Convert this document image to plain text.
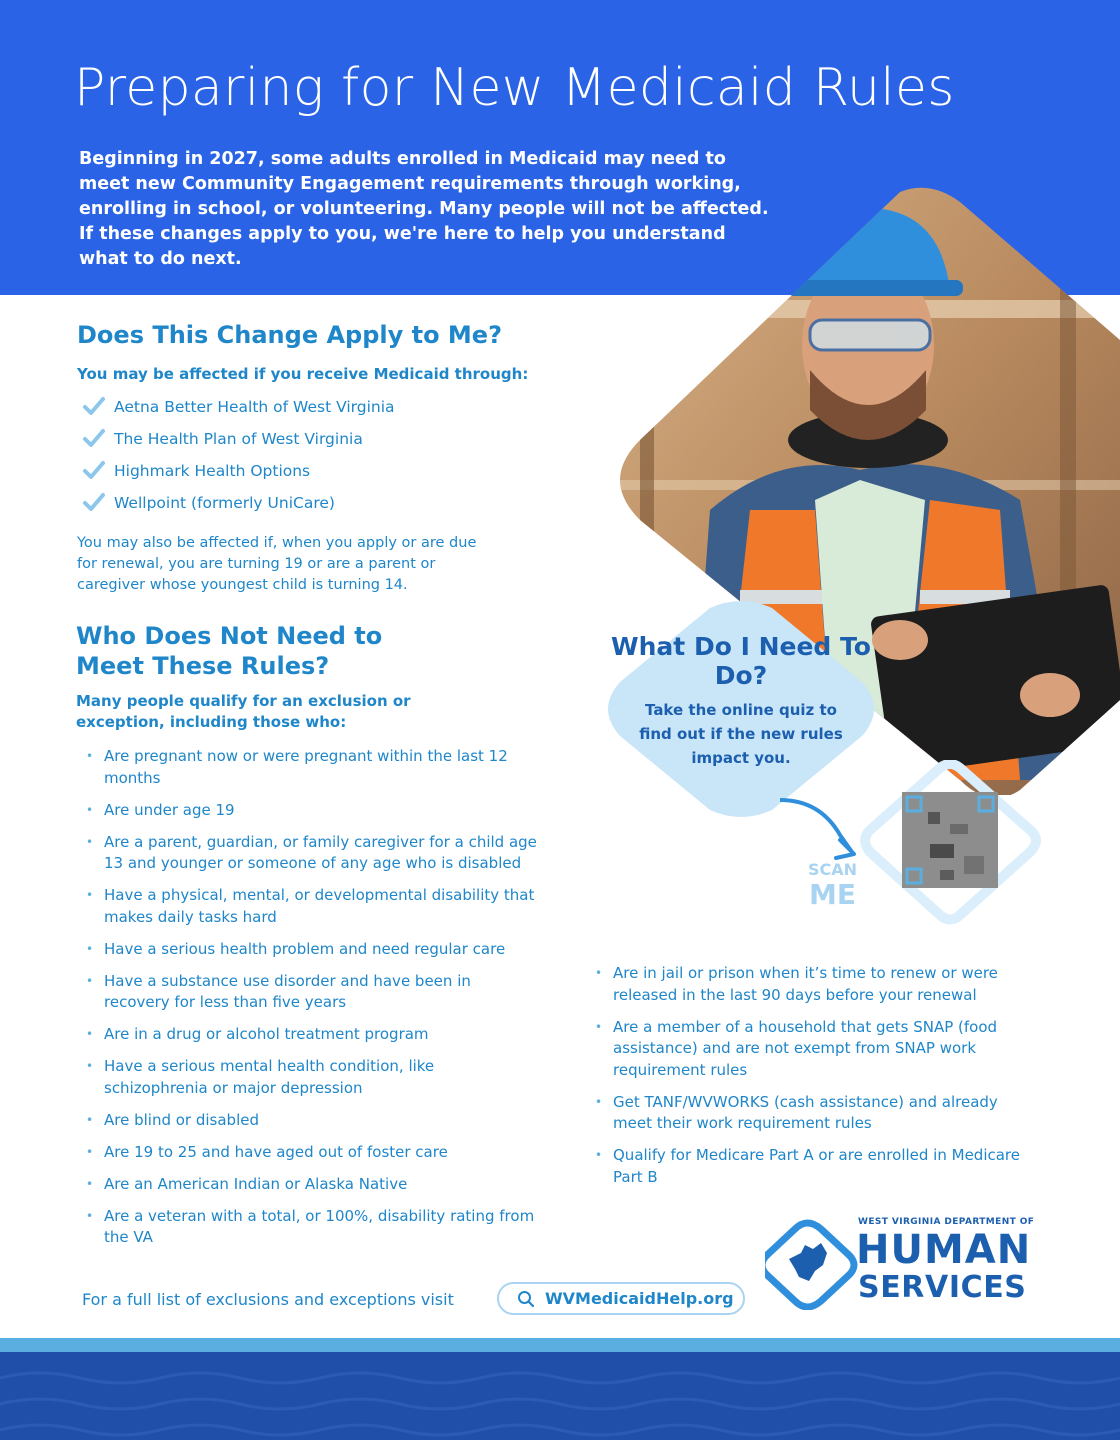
Preparing for New Medicaid Rules

Beginning in 2027, some adults enrolled in Medicaid may need to meet new Community Engagement requirements through working, enrolling in school, or volunteering. Many people will not be affected. If these changes apply to you, we're here to help you understand what to do next.

Does This Change Apply to Me?

You may be affected if you receive Medicaid through:

Aetna Better Health of West Virginia
The Health Plan of West Virginia
Highmark Health Options
Wellpoint (formerly UniCare)

You may also be affected if, when you apply or are due for renewal, you are turning 19 or are a parent or caregiver whose youngest child is turning 14.

Who Does Not Need to Meet These Rules?

Many people qualify for an exclusion or exception, including those who:

• Are pregnant now or were pregnant within the last 12 months
• Are under age 19
• Are a parent, guardian, or family caregiver for a child age 13 and younger or someone of any age who is disabled
• Have a physical, mental, or developmental disability that makes daily tasks hard
• Have a serious health problem and need regular care
• Have a substance use disorder and have been in recovery for less than five years
• Are in a drug or alcohol treatment program
• Have a serious mental health condition, like schizophrenia or major depression
• Are blind or disabled
• Are 19 to 25 and have aged out of foster care
• Are an American Indian or Alaska Native
• Are a veteran with a total, or 100%, disability rating from the VA
• Are in jail or prison when it’s time to renew or were released in the last 90 days before your renewal
• Are a member of a household that gets SNAP (food assistance) and are not exempt from SNAP work requirement rules
• Get TANF/WVWORKS (cash assistance) and already meet their work requirement rules
• Qualify for Medicare Part A or are enrolled in Medicare Part B
What Do I Need To Do?
Take the online quiz to find out if the new rules impact you.
SCAN
ME

For a full list of exclusions and exceptions visit	WVMedicaidHelp.org
WEST VIRGINIA DEPARTMENT OF
HUMAN
SERVICES
